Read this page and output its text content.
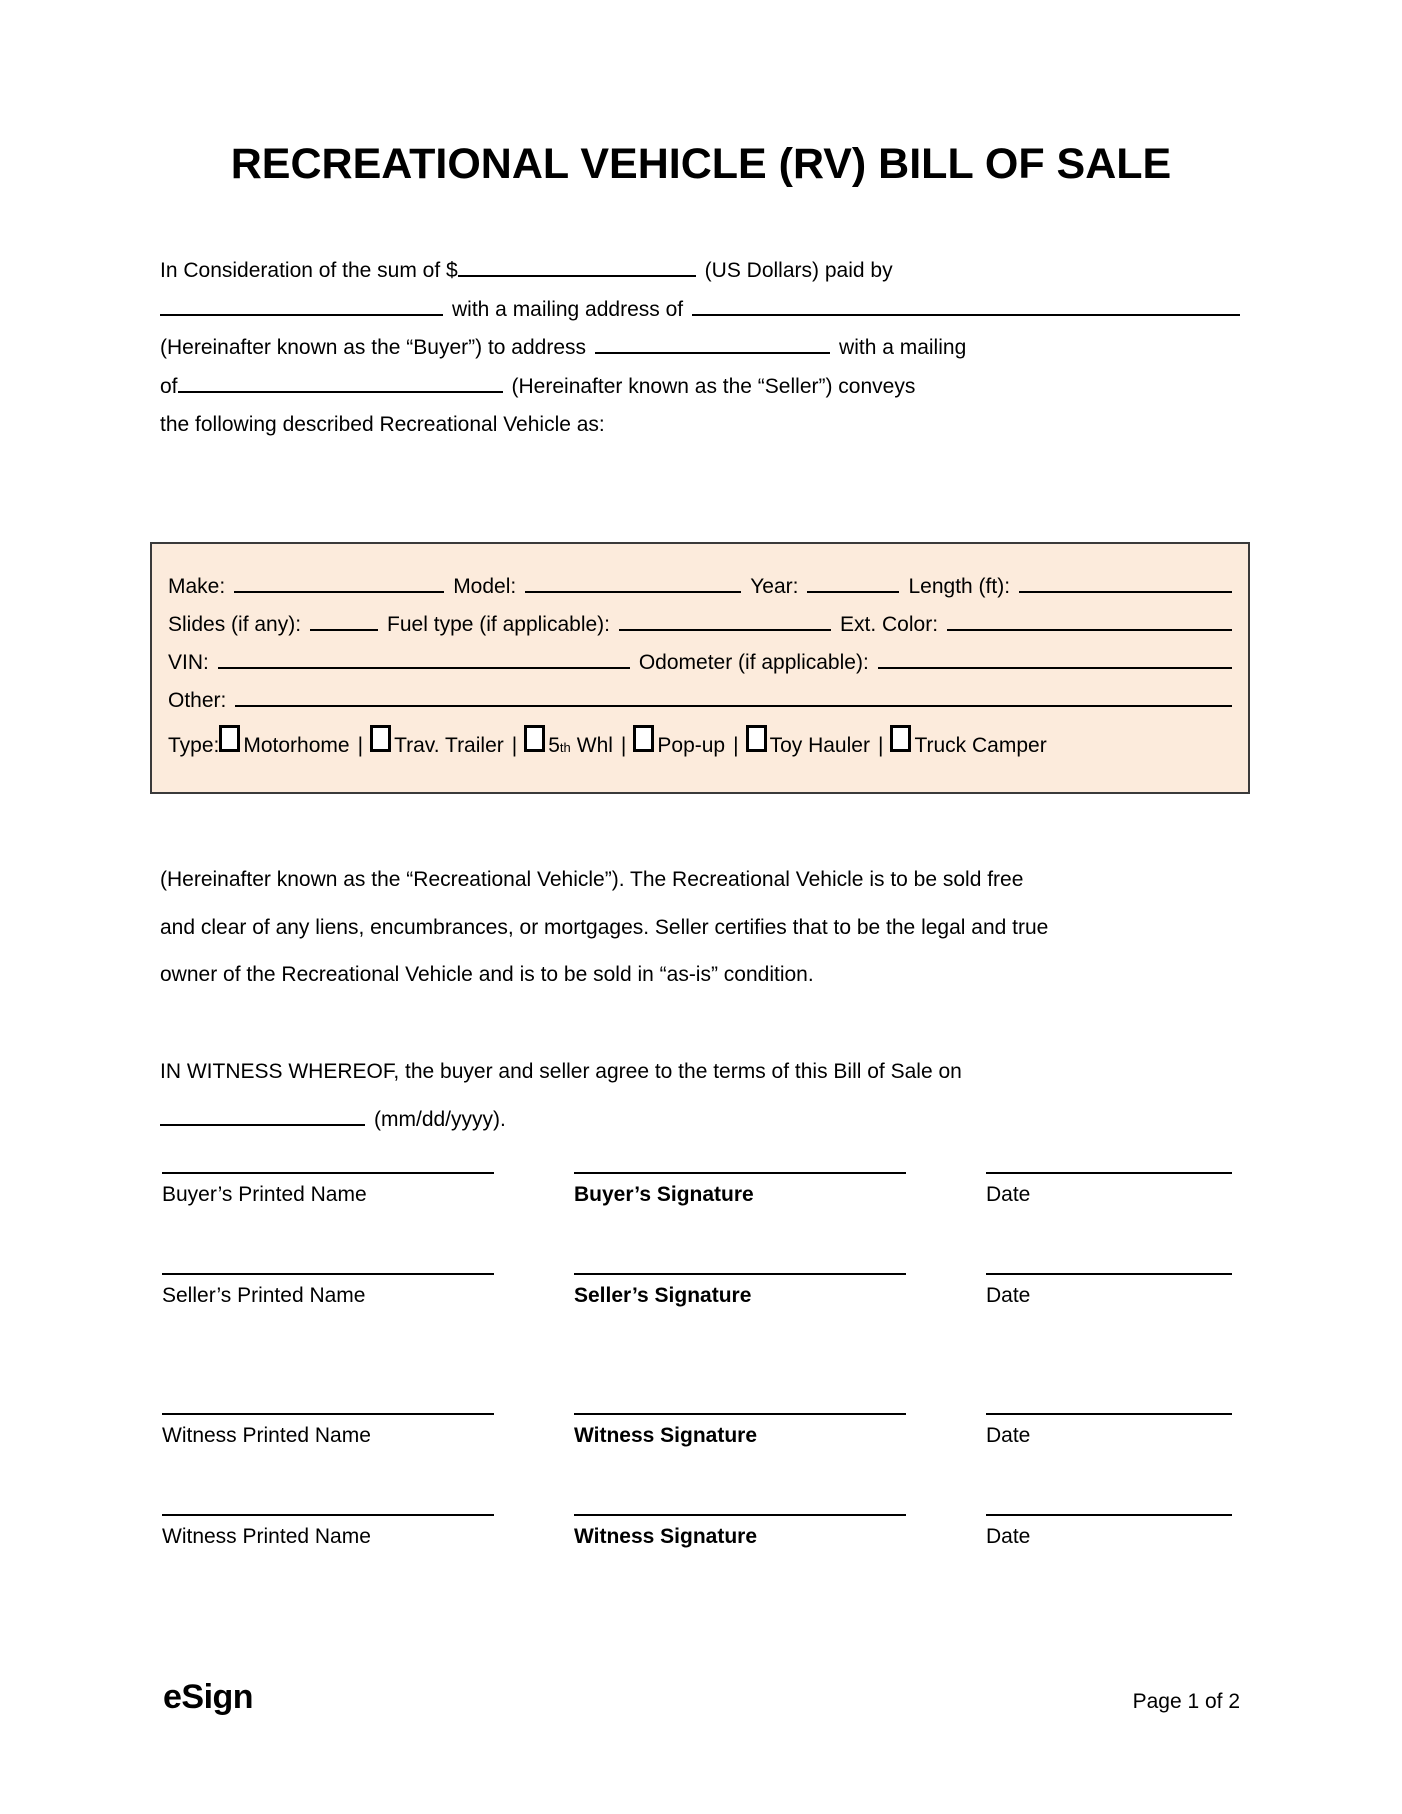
RECREATIONAL VEHICLE (RV) BILL OF SALE
In Consideration of the sum of $	(US Dollars) paid by
with a mailing address of
(Hereinafter known as the “Buyer”) to address	with a mailing
of	(Hereinafter known as the “Seller”) conveys
the following described Recreational Vehicle as:
Make:	Model:	Year:	Length (ft):
Slides (if any):	Fuel type (if applicable):	Ext. Color:
VIN:	Odometer (if applicable):
Other:
Type: Motorhome | Trav. Trailer | 5th Whl | Pop-up | Toy Hauler | Truck Camper
(Hereinafter known as the “Recreational Vehicle”). The Recreational Vehicle is to be sold free
and clear of any liens, encumbrances, or mortgages. Seller certifies that to be the legal and true
owner of the Recreational Vehicle and is to be sold in “as-is” condition.
IN WITNESS WHEREOF, the buyer and seller agree to the terms of this Bill of Sale on
(mm/dd/yyyy).
Buyer’s Printed Name	Buyer’s Signature	Date
Seller’s Printed Name	Seller’s Signature	Date
Witness Printed Name	Witness Signature	Date
Witness Printed Name	Witness Signature	Date
eSign	Page 1 of 2
